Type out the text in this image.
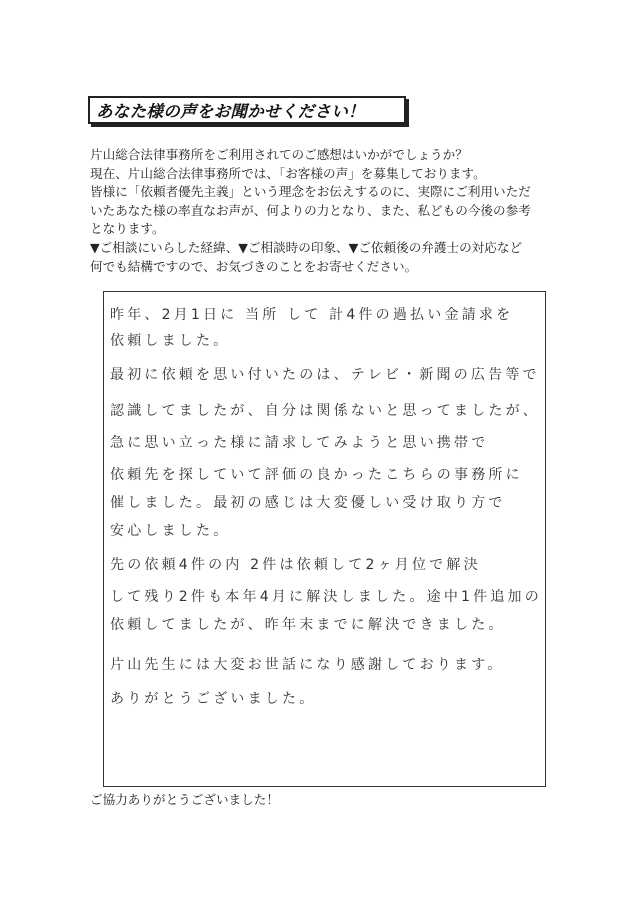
あなた様の声をお聞かせください！

片山総合法律事務所をご利用されてのご感想はいかがでしょうか？

現在、片山総合法律事務所では、「お客様の声」を募集しております。

皆様に「依頼者優先主義」という理念をお伝えするのに、実際にご利用いただ

いたあなた様の率直なお声が、何よりの力となり、また、私どもの今後の参考

となります。

▼ご相談にいらした経緯、▼ご相談時の印象、▼ご依頼後の弁護士の対応など

何でも結構ですので、お気づきのことをお寄せください。

昨年、2月1日に 当所 して 計4件の過払い金請求を

依頼しました。

最初に依頼を思い付いたのは、テレビ・新聞の広告等で

認識してましたが、自分は関係ないと思ってましたが、

急に思い立った様に請求してみようと思い携帯で

依頼先を探していて評価の良かったこちらの事務所に

催しました。最初の感じは大変優しい受け取り方で

安心しました。

先の依頼4件の内 2件は依頼して2ヶ月位で解決

して残り2件も本年4月に解決しました。途中1件追加の

依頼してましたが、昨年末までに解決できました。

片山先生には大変お世話になり感謝しております。

ありがとうございました。

ご協力ありがとうございました！
